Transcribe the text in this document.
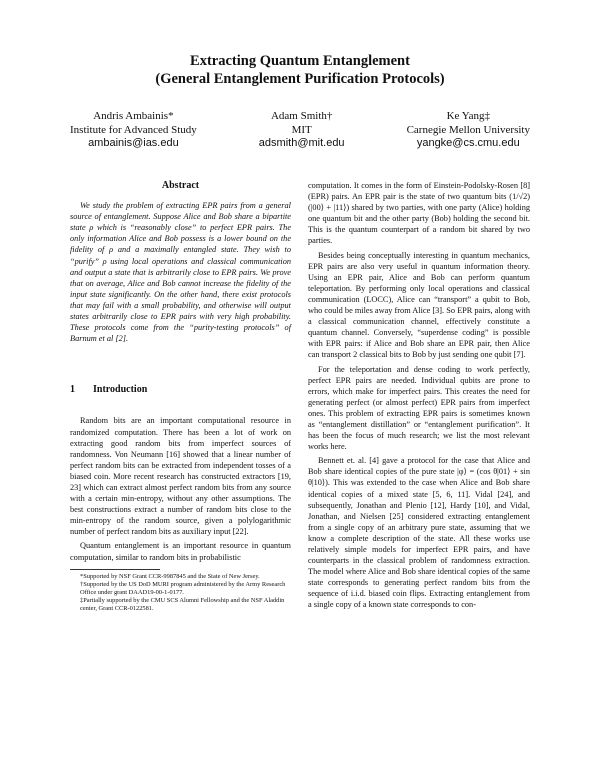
Extracting Quantum Entanglement
(General Entanglement Purification Protocols)
Andris Ambainis*
Institute for Advanced Study
ambainis@ias.edu
Adam Smith†
MIT
adsmith@mit.edu
Ke Yang‡
Carnegie Mellon University
yangke@cs.cmu.edu
Abstract

We study the problem of extracting EPR pairs from a general source of entanglement. Suppose Alice and Bob share a bipartite state ρ which is “reasonably close” to perfect EPR pairs. The only information Alice and Bob possess is a lower bound on the fidelity of ρ and a maximally entangled state. They wish to “purify” ρ using local operations and classical communication and output a state that is arbitrarily close to EPR pairs. We prove that on average, Alice and Bob cannot increase the fidelity of the input state significantly. On the other hand, there exist protocols that may fail with a small probability, and otherwise will output states arbitrarily close to EPR pairs with very high probability. These protocols come from the “purity-testing protocols” of Barnum et al [2].

1 Introduction

Random bits are an important computational resource in randomized computation. There has been a lot of work on extracting good random bits from imperfect sources of randomness. Von Neumann [16] showed that a linear number of perfect random bits can be extracted from independent tosses of a biased coin. More recent research has constructed extractors [19, 23] which can extract almost perfect random bits from any source with a certain min-entropy, without any other assumptions. The best constructions extract a number of random bits close to the min-entropy of the random source, given a polylogarithmic number of perfect random bits as auxiliary input [22].

Quantum entanglement is an important resource in quantum computation, similar to random bits in probabilistic

*Supported by NSF Grant CCR-9987845 and the State of New Jersey.

†Supported by the US DoD MURI program administered by the Army Research Office under grant DAAD19-00-1-0177.

‡Partially supported by the CMU SCS Alumni Fellowship and the NSF Aladdin center, Grant CCR-0122581.

computation. It comes in the form of Einstein-Podolsky-Rosen [8] (EPR) pairs. An EPR pair is the state of two quantum bits (1/√2)(|00⟩ + |11⟩) shared by two parties, with one party (Alice) holding one quantum bit and the other party (Bob) holding the second bit. This is the quantum counterpart of a random bit shared by two parties.

Besides being conceptually interesting in quantum mechanics, EPR pairs are also very useful in quantum information theory. Using an EPR pair, Alice and Bob can perform quantum teleportation. By performing only local operations and classical communication (LOCC), Alice can “transport” a qubit to Bob, who could be miles away from Alice [3]. So EPR pairs, along with a classical communication channel, effectively constitute a quantum channel. Conversely, “superdense coding” is possible with EPR pairs: if Alice and Bob share an EPR pair, then Alice can transport 2 classical bits to Bob by just sending one qubit [7].

For the teleportation and dense coding to work perfectly, perfect EPR pairs are needed. Individual qubits are prone to errors, which make for imperfect pairs. This creates the need for generating perfect (or almost perfect) EPR pairs from imperfect ones. This problem of extracting EPR pairs is sometimes known as “entanglement distillation” or “entanglement purification”. It has been the focus of much research; we list the most relevant works here.

Bennett et. al. [4] gave a protocol for the case that Alice and Bob share identical copies of the pure state |φ⟩ = (cos θ|01⟩ + sin θ|10⟩). This was extended to the case when Alice and Bob share identical copies of a mixed state [5, 6, 11]. Vidal [24], and subsequently, Jonathan and Plenio [12], Hardy [10], and Vidal, Jonathan, and Nielsen [25] considered extracting entanglement from a single copy of an arbitrary pure state, assuming that we know a complete description of the state. All these works use relatively simple models for imperfect EPR pairs, and have counterparts in the classical problem of randomness extraction. The model where Alice and Bob share identical copies of the same state corresponds to generating perfect random bits from the sequence of i.i.d. biased coin flips. Extracting entanglement from a single copy of a known state corresponds to con-
